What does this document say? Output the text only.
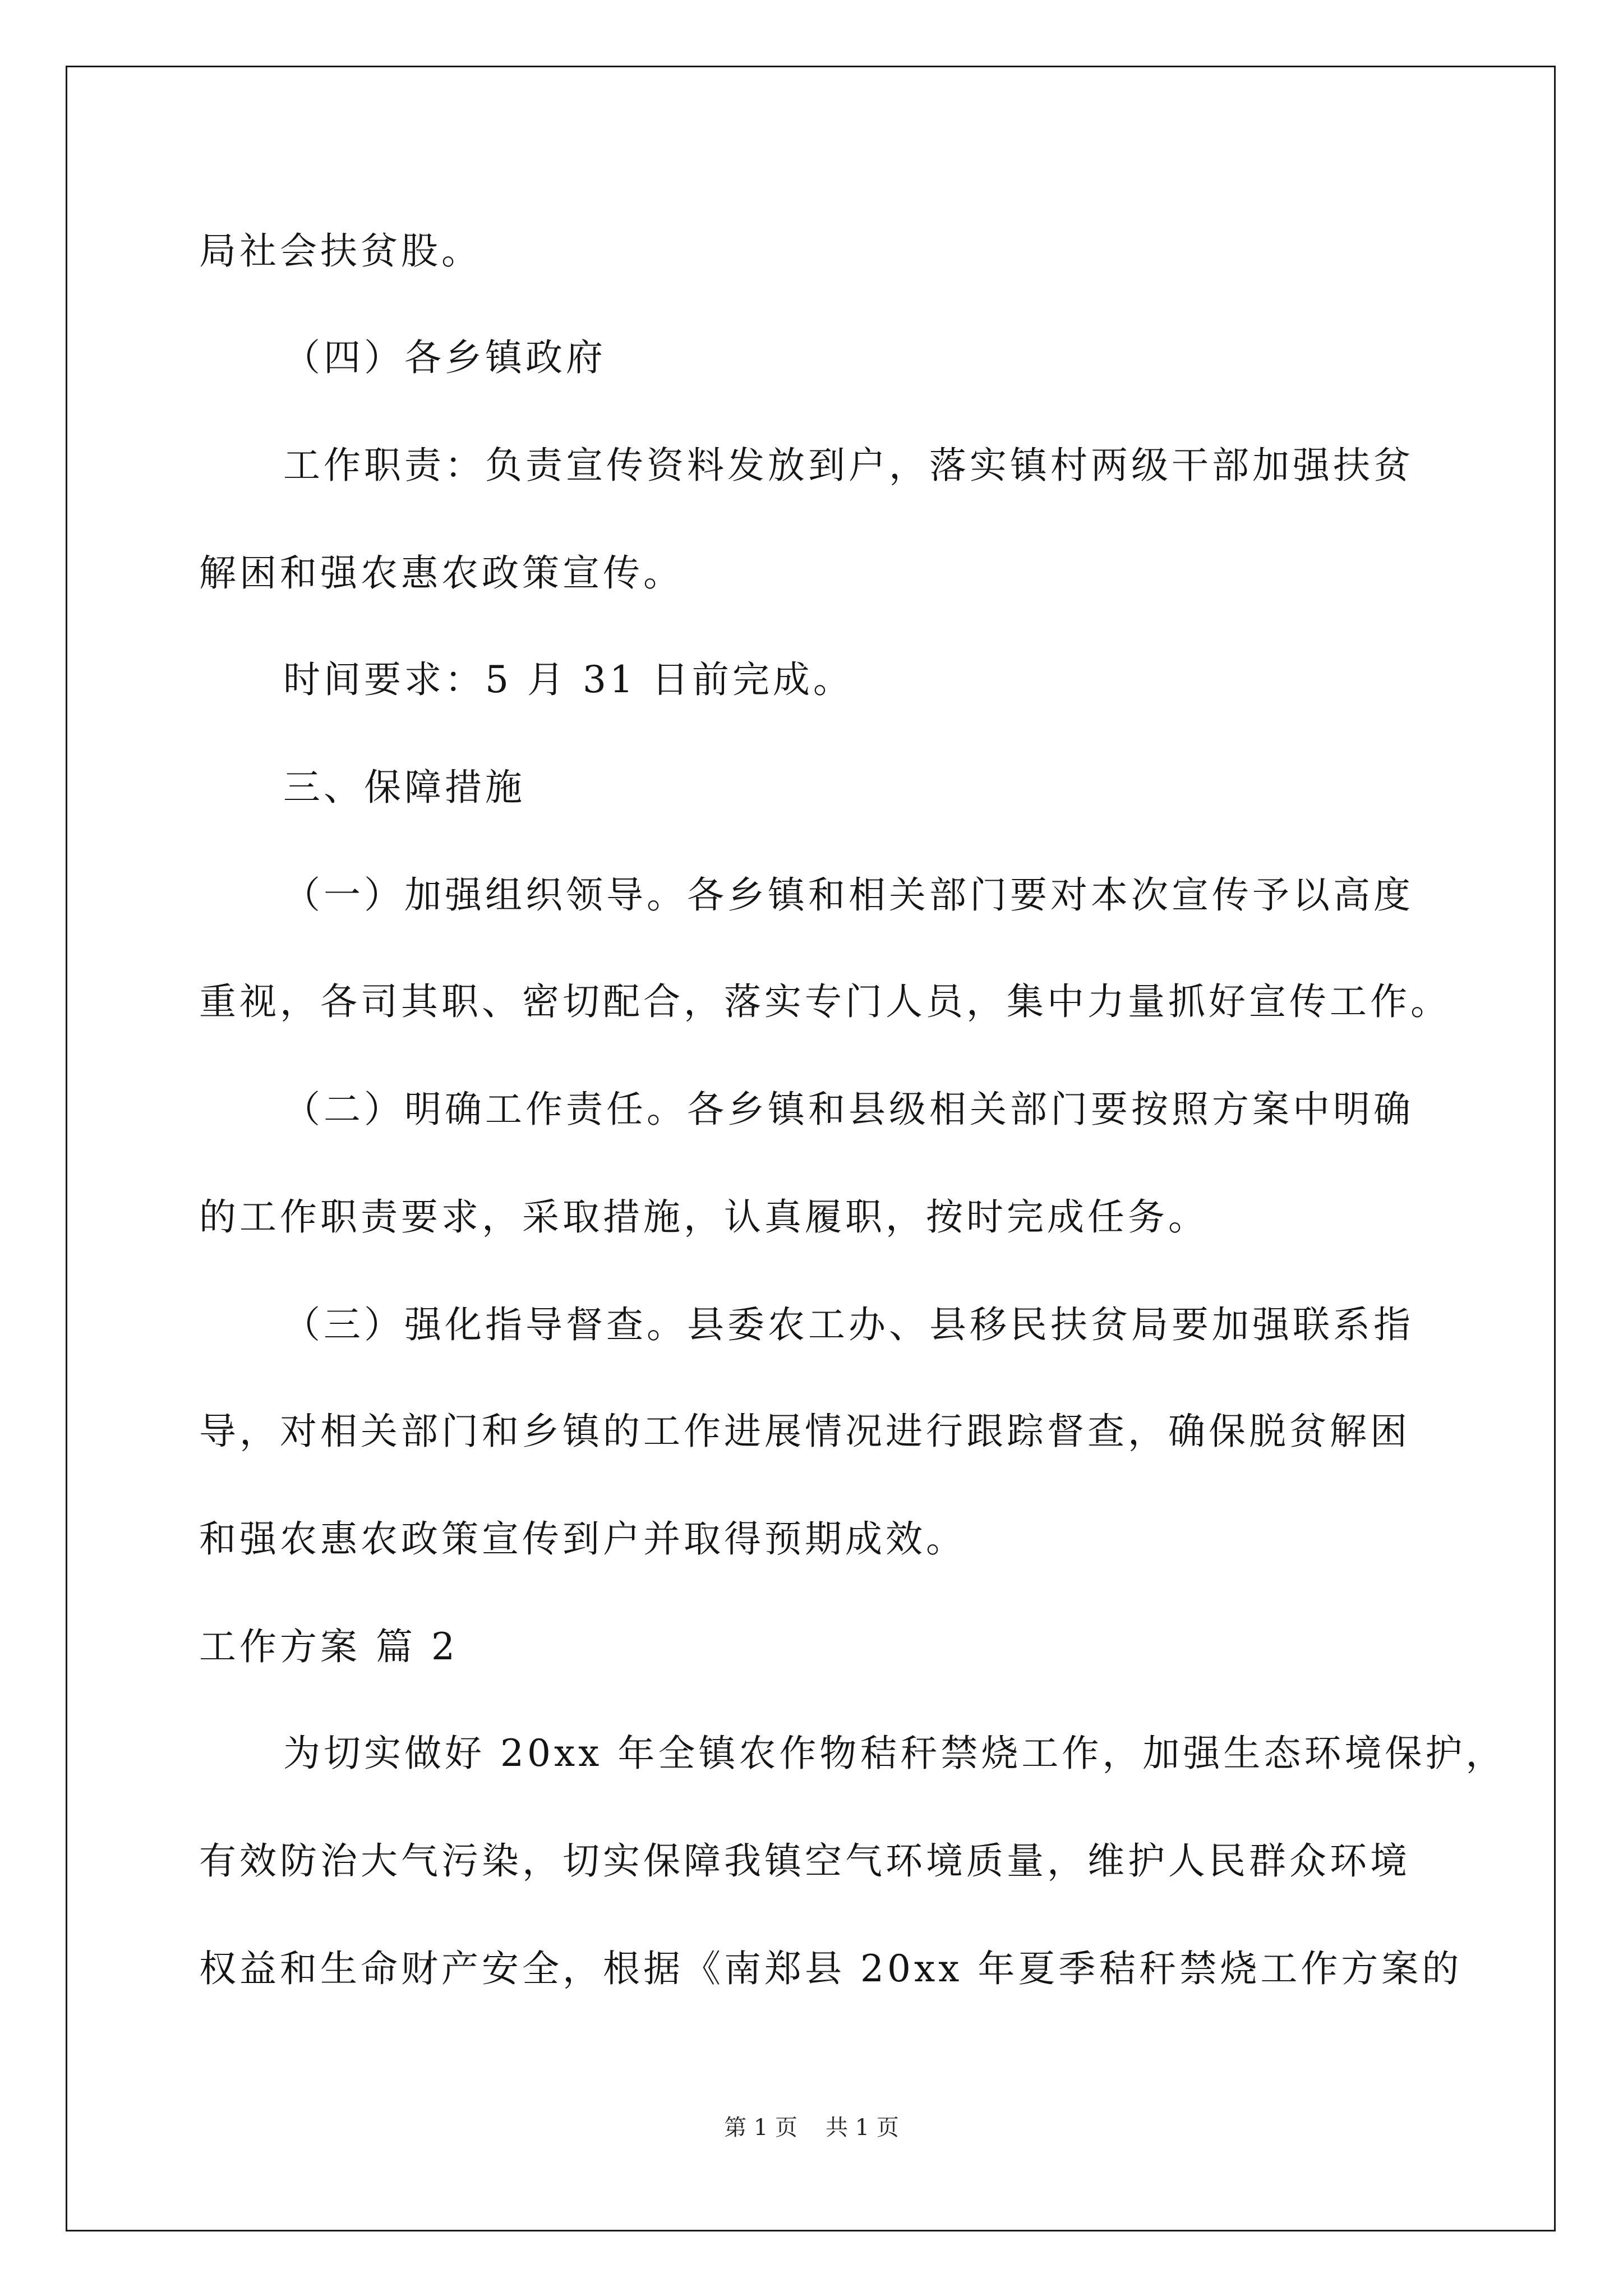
局社会扶贫股。
（四）各乡镇政府
工作职责：负责宣传资料发放到户，落实镇村两级干部加强扶贫
解困和强农惠农政策宣传。
时间要求：5 月 31 日前完成。
三、保障措施
（一）加强组织领导。各乡镇和相关部门要对本次宣传予以高度
重视，各司其职、密切配合，落实专门人员，集中力量抓好宣传工作。
（二）明确工作责任。各乡镇和县级相关部门要按照方案中明确
的工作职责要求，采取措施，认真履职，按时完成任务。
（三）强化指导督查。县委农工办、县移民扶贫局要加强联系指
导，对相关部门和乡镇的工作进展情况进行跟踪督查，确保脱贫解困
和强农惠农政策宣传到户并取得预期成效。
工作方案 篇 2
为切实做好 20xx 年全镇农作物秸秆禁烧工作，加强生态环境保护，
有效防治大气污染，切实保障我镇空气环境质量，维护人民群众环境
权益和生命财产安全，根据《南郑县 20xx 年夏季秸秆禁烧工作方案的
第 1 页 共 1 页
